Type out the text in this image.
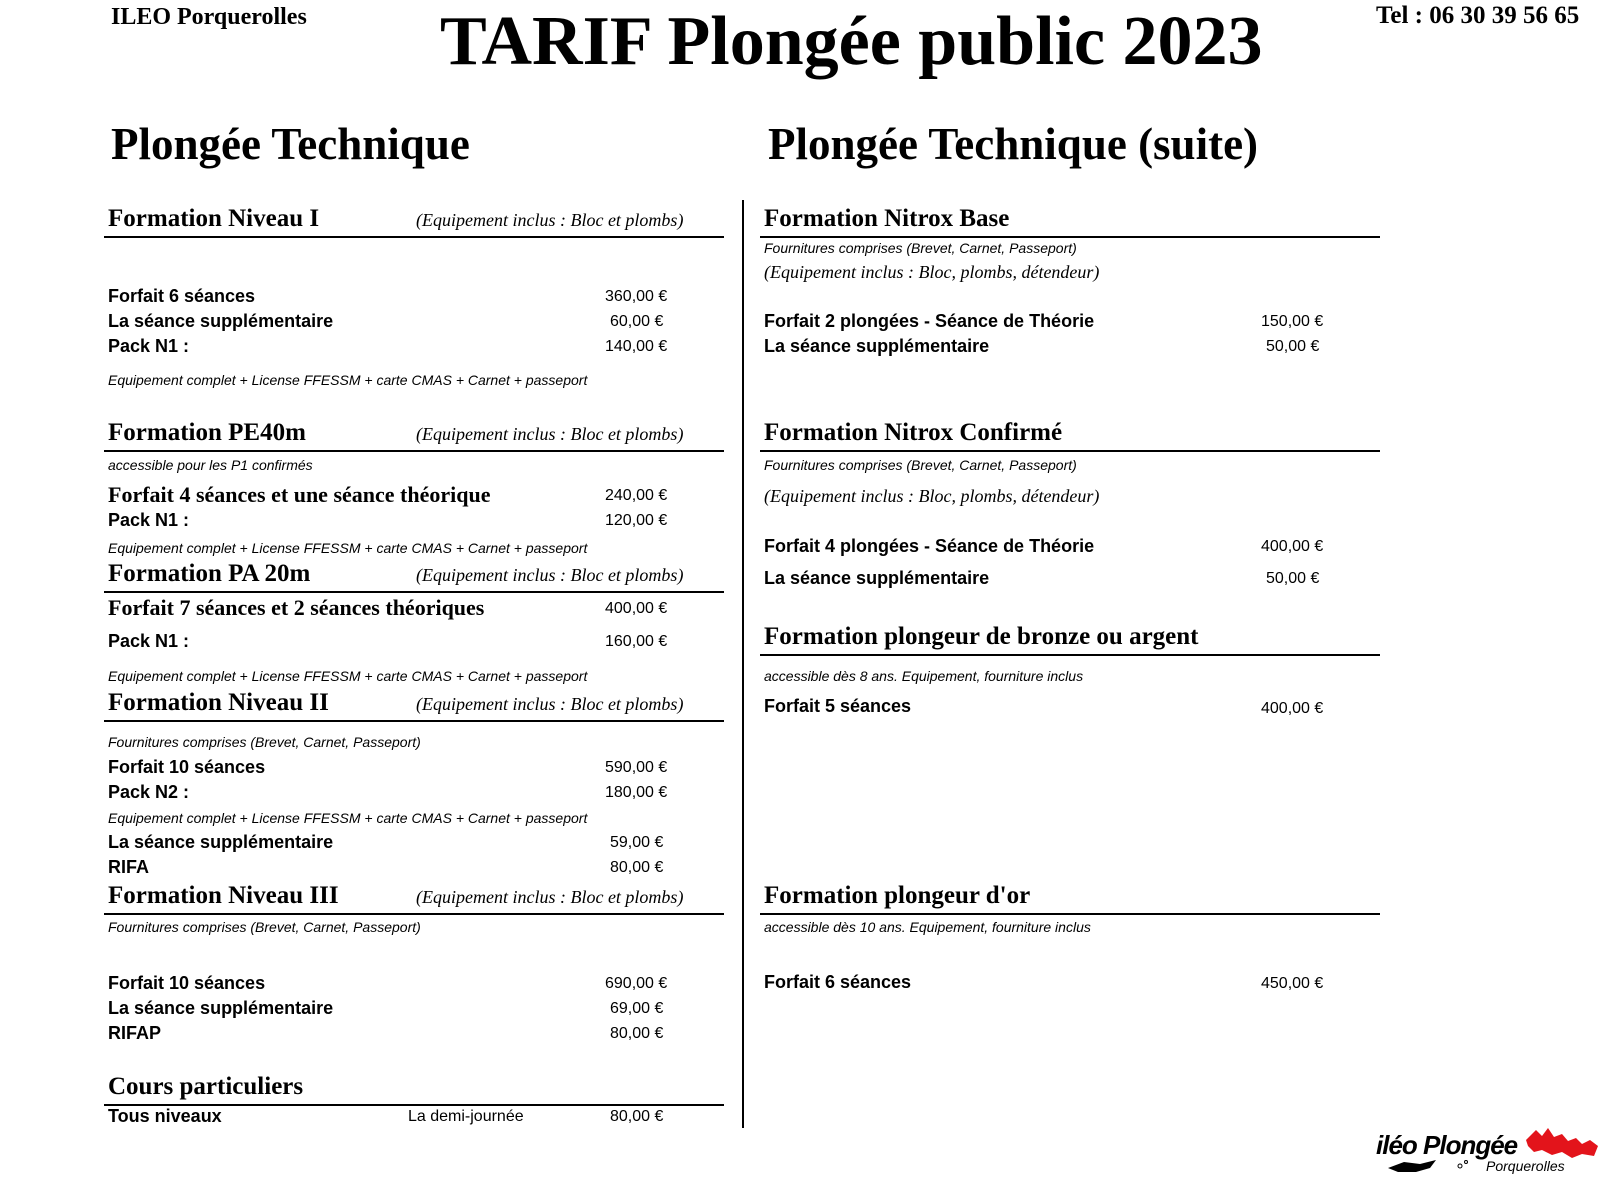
ILEO Porquerolles TARIF Plongée public 2023	Tel : 06 30 39 56 65
Plongée Technique	Plongée Technique (suite)
Formation Niveau I	(Equipement inclus : Bloc et plombs)
Forfait 6 séances	360,00 €
La séance supplémentaire	60,00 €
Pack N1 :	140,00 €
Equipement complet + License FFESSM + carte CMAS + Carnet + passeport
Formation PE40m	(Equipement inclus : Bloc et plombs)
accessible pour les P1 confirmés
Forfait 4 séances et une séance théorique	240,00 €
Pack N1 :	120,00 €
Equipement complet + License FFESSM + carte CMAS + Carnet + passeport
Formation PA 20m	(Equipement inclus : Bloc et plombs)
Forfait 7 séances et 2 séances théoriques	400,00 €
Pack N1 :	160,00 €
Equipement complet + License FFESSM + carte CMAS + Carnet + passeport
Formation Niveau II	(Equipement inclus : Bloc et plombs)
Fournitures comprises (Brevet, Carnet, Passeport)
Forfait 10 séances	590,00 €
Pack N2 :	180,00 €
Equipement complet + License FFESSM + carte CMAS + Carnet + passeport
La séance supplémentaire	59,00 €
RIFA	80,00 €
Formation Niveau III	(Equipement inclus : Bloc et plombs)
Fournitures comprises (Brevet, Carnet, Passeport)
Forfait 10 séances	690,00 €
La séance supplémentaire	69,00 €
RIFAP	80,00 €
Cours particuliers
Tous niveaux	La demi-journée	80,00 €
Formation Nitrox Base
Fournitures comprises (Brevet, Carnet, Passeport)
(Equipement inclus : Bloc, plombs, détendeur)
Forfait 2 plongées - Séance de Théorie	150,00 €
La séance supplémentaire	50,00 €
Formation Nitrox Confirmé
Fournitures comprises (Brevet, Carnet, Passeport)
(Equipement inclus : Bloc, plombs, détendeur)
Forfait 4 plongées - Séance de Théorie	400,00 €
La séance supplémentaire	50,00 €
Formation plongeur de bronze ou argent
accessible dès 8 ans. Equipement, fourniture inclus
Forfait 5 séances	400,00 €
Formation plongeur d'or
accessible dès 10 ans. Equipement, fourniture inclus
Forfait 6 séances	450,00 €
iléo Plongée
Porquerolles
